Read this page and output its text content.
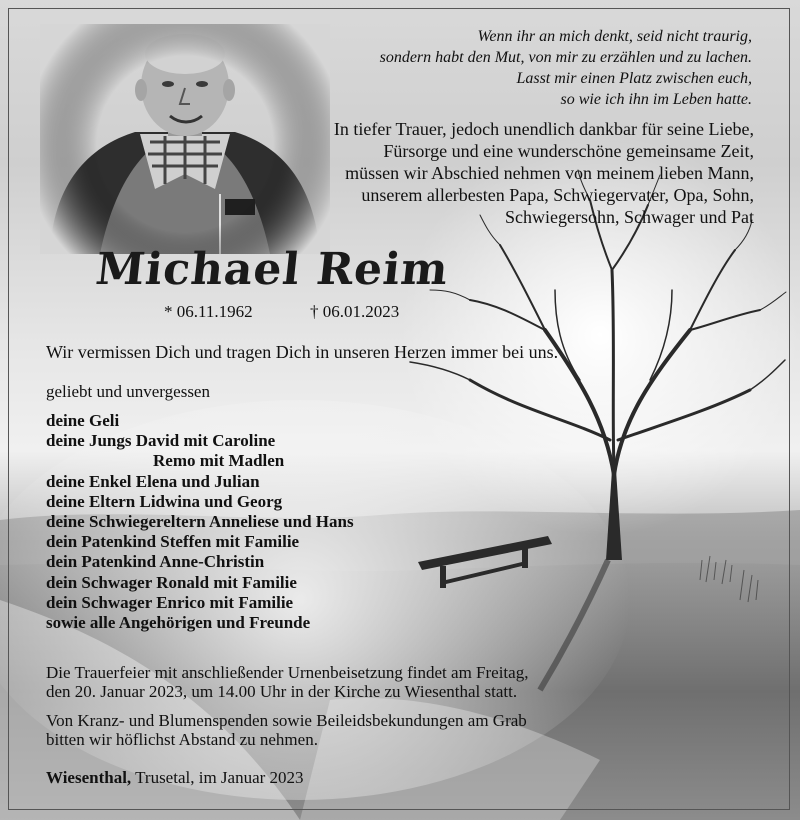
Wenn ihr an mich denkt, seid nicht traurig,
sondern habt den Mut, von mir zu erzählen und zu lachen.
Lasst mir einen Platz zwischen euch,
so wie ich ihn im Leben hatte.
In tiefer Trauer, jedoch unendlich dankbar für seine Liebe,
Fürsorge und eine wunderschöne gemeinsame Zeit,
müssen wir Abschied nehmen von meinem lieben Mann,
unserem allerbesten Papa, Schwiegervater, Opa, Sohn,
Schwiegersohn, Schwager und Pat
Michael Reim
* 06.11.1962	† 06.01.2023
Wir vermissen Dich und tragen Dich in unseren Herzen immer bei uns.
geliebt und unvergessen
deine Geli
deine Jungs David mit Caroline
Remo mit Madlen
deine Enkel Elena und Julian
deine Eltern Lidwina und Georg
deine Schwiegereltern Anneliese und Hans
dein Patenkind Steffen mit Familie
dein Patenkind Anne-Christin
dein Schwager Ronald mit Familie
dein Schwager Enrico mit Familie
sowie alle Angehörigen und Freunde
Die Trauerfeier mit anschließender Urnenbeisetzung findet am Freitag,
den 20. Januar 2023, um 14.00 Uhr in der Kirche zu Wiesenthal statt.
Von Kranz- und Blumenspenden sowie Beileidsbekundungen am Grab
bitten wir höflichst Abstand zu nehmen.
Wiesenthal, Trusetal, im Januar 2023
